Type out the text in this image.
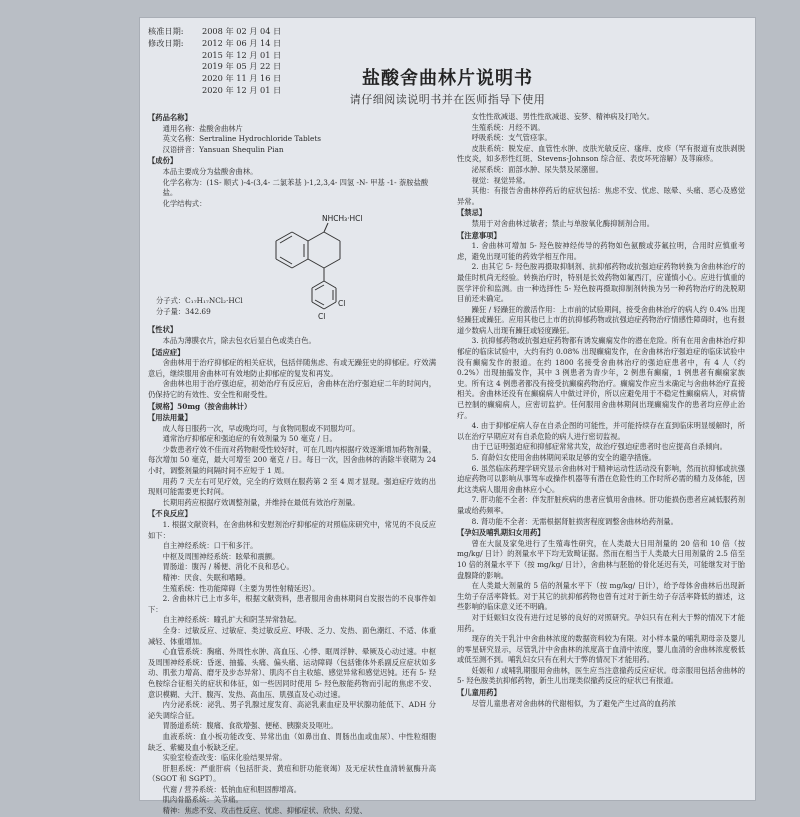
核准日期: 2008 年 02 月 04 日
修改日期: 2012 年 06 月 14 日
2015 年 12 月 01 日
2019 年 05 月 22 日
2020 年 11 月 16 日
2020 年 12 月 01 日
盐酸舍曲林片说明书
请仔细阅读说明书并在医师指导下使用
【药品名称】
通用名称：盐酸舍曲林片
英文名称：Sertraline Hydrochloride Tablets
汉语拼音：Yansuan Shequlin Pian
【成份】
本品主要成分为盐酸舍曲林。
化学名称为：(1S- 顺式 )-4-(3,4- 二氯苯基 )-1,2,3,4- 四氢 -N- 甲基 -1- 萘胺盐酸盐。
化学结构式：
NHCH₃·HCl
Cl
Cl
分子式：C₁₇H₁₇NCl₂·HCl
分子量：342.69
【性状】
本品为薄膜衣片，除去包衣后显白色或类白色。
【适应症】
舍曲林用于治疗抑郁症的相关症状，包括伴随焦虑、有或无躁狂史的抑郁症。疗效满意后，继续服用舍曲林可有效地防止抑郁症的复发和再发。
舍曲林也用于治疗强迫症，初始治疗有反应后，舍曲林在治疗强迫症二年的时间内，仍保持它的有效性、安全性和耐受性。
【规格】50mg（按舍曲林计）
【用法用量】
成人每日服药一次，早或晚均可，与食物同服或不同服均可。
通常治疗抑郁症和强迫症的有效剂量为 50 毫克 / 日。
少数患者疗效不佳而对药物耐受性较好时，可在几周内根据疗效逐渐增加药物剂量，每次增加 50 毫克，最大可增至 200 毫克 / 日。每日一次，因舍曲林的消除半衰期为 24 小时，调整剂量的间隔时间不应短于 1 周。
用药 7 天左右可见疗效，完全的疗效则在服药第 2 至 4 周才显现。强迫症疗效的出现则可能需要更长时间。
长期用药应根据疗效调整剂量，并维持在最低有效治疗剂量。
【不良反应】
1. 根据文献资料，在舍曲林和安慰剂治疗抑郁症的对照临床研究中，常见的不良反应如下：
自主神经系统：口干和多汗。
中枢及周围神经系统：眩晕和震颤。
胃肠道：腹泻 / 稀便、消化不良和恶心。
精神：厌食、失眠和嗜睡。
生殖系统：性功能障碍（主要为男性射精延迟）。
2. 舍曲林片已上市多年，根据文献资料，患者服用舍曲林期间自发报告的不良事件如下：
自主神经系统：瞳孔扩大和阴茎异常勃起。
全身：过敏反应、过敏症、类过敏反应、呼吸、乏力、发热、面色潮红、不适、体重减轻、体重增加。
心血管系统：胸痛、外周性水肿、高血压、心悸、眶周浮肿、晕厥及心动过速。中枢及周围神经系统：昏迷、抽搐、头痛、偏头痛、运动障碍（包括锥体外系副反应症状如多动、肌张力增高、磨牙及步态异常）、肌肉不自主收缩、感觉异常和感觉迟钝。还有 5- 羟色胺综合征相关的症状和体征，如一些因同时使用 5- 羟色胺能药物而引起的焦虑不安、意识模糊、大汗、腹泻、发热、高血压、肌强直及心动过速。
内分泌系统：泌乳、男子乳腺过度发育、高泌乳素血症及甲状腺功能低下、ADH 分泌失调综合征。
胃肠道系统：腹痛、食欲增强、便秘、胰腺炎及呕吐。
血液系统：血小板功能改变、异常出血（如鼻出血、胃肠出血或血尿）、中性粒细胞缺乏、紫癜及血小板缺乏症。
实验室检查改变：临床化验结果异常。
肝胆系统：严重肝病（包括肝炎、黄疸和肝功能衰竭）及无症状性血清转氨酶升高（SGOT 和 SGPT）。
代谢 / 营养系统：低钠血症和胆固醇增高。
肌肉骨骼系统：关节痛。
精神：焦虑不安、攻击性反应、忧虑、抑郁症状、欣快、幻觉、
女性性欲减退、男性性欲减退、妄梦、精神病及打哈欠。
生殖系统：月经不调。
呼吸系统：支气管痉挛。
皮肤系统：脱发症、血管性水肿、皮肤光敏反应、瘙痒、皮疹（罕有报道有皮肤剥脱性皮炎，如多形性红斑、Stevens-Johnson 综合征、表皮坏死溶解）及荨麻疹。
泌尿系统：面部水肿、尿失禁及尿潴留。
视觉：视觉异常。
其他：有报告舍曲林停药后的症状包括：焦虑不安、忧虑、眩晕、头痛、恶心及感觉异常。
【禁忌】
禁用于对舍曲林过敏者；禁止与单胺氧化酶抑制剂合用。
【注意事项】
1. 舍曲林可增加 5- 羟色胺神经传导的药物如色氨酸或芬氟拉明，合用时应慎重考虑，避免出现可能的药效学相互作用。
2. 由其它 5- 羟色胺再摄取抑制剂、抗抑郁药物或抗强迫症药物转换为舍曲林治疗的最佳时机尚无经验。转换治疗时，特别是长效药物如氟西汀，应谨慎小心。应进行慎重的医学评价和监测。由一种选择性 5- 羟色胺再摄取抑制剂转换为另一种药物治疗的洗脱期目前还未确定。
躁狂 / 轻躁狂的激活作用：上市前的试验期间，接受舍曲林治疗的病人约 0.4% 出现轻躁狂或躁狂。应用其他已上市的抗抑郁药物或抗强迫症药物治疗情感性障碍时，也有报道少数病人出现有躁狂或轻度躁狂。
3. 抗抑郁药物或抗强迫症药物都有诱发癫痫发作的潜在危险。所有在用舍曲林治疗抑郁症的临床试验中，大约有约 0.08% 出现癫痫发作，在舍曲林治疗强迫症的临床试验中没有癫痫发作的报道。在约 1800 名接受舍曲林治疗的强迫症患者中，有 4 人（约 0.2%）出现抽搐发作，其中 3 例患者为青少年，2 例患有癫痫，1 例患者有癫痫家族史。所有这 4 例患者都没有接受抗癫痫药物治疗。癫痫发作应当未确定与舍曲林治疗直接相关。舍曲林还没有在癫痫病人中做过评价，所以应避免用于不稳定性癫痫病人，对病情已控制的癫痫病人，应密切监护。任何服用舍曲林期间出现癫痫发作的患者均应停止治疗。
4. 由于抑郁症病人存在自杀企图的可能性，并可能持续存在直到临床明显缓解时，所以在治疗早期应对有自杀危险的病人进行密切监视。
由于已证明强迫症和抑郁症常常共发，故治疗强迫症患者时也应提高自杀倾向。
5. 育龄妇女使用舍曲林期间采取足够的安全的避孕措施。
6. 虽然临床药理学研究显示舍曲林对于精神运动性活动没有影响，然而抗抑郁或抗强迫症药物可以影响从事驾车或操作机器等有潜在危险性的工作时所必需的精力及体能，因此这类病人服用舍曲林应小心。
7. 肝功能不全者：伴发肝脏疾病的患者应慎用舍曲林。肝功能损伤患者应减低服药剂量或给药频率。
8. 肾功能不全者：无需根据肾脏损害程度调整舍曲林给药剂量。
【孕妇及哺乳期妇女用药】
曾在大鼠及家兔进行了生殖毒性研究，在人类最大日用剂量的 20 倍和 10 倍（按 mg/kg/ 日计）的剂量水平下均无致畸证据。然而在相当于人类最大日用剂量的 2.5 倍至 10 倍的剂量水平下（按 mg/kg/ 日计），舍曲林与胚胎的骨化延迟有关，可能继发对于胎盘腺降的影响。
在人类最大剂量的 5 倍的剂量水平下（按 mg/kg/ 日计），给予母体舍曲林后出现新生幼子存活率降低。对于其它的抗抑郁药物也曾有过对于新生幼子存活率降低的描述，这些影响的临床意义还不明确。
对于妊娠妇女没有进行过足够的良好的对照研究。孕妇只有在利大于弊的情况下才能用药。
现存的关于乳汁中舍曲林浓度的数据资料较为有限。对小样本量的哺乳期母亲及婴儿的零星研究显示，尽管乳汁中舍曲林的浓度高于血清中浓度，婴儿血清的舍曲林浓度极低或低至测不到。哺乳妇女只有在利大于弊的情况下才能用药。
妊娠和 / 或哺乳期服用舍曲林，医生应当注意撤药反应症状。母亲服用包括舍曲林的 5- 羟色胺类抗抑郁药物，新生儿出现类似撤药反应的症状已有报道。
【儿童用药】
尽管儿童患者对舍曲林的代谢相似，为了避免产生过高的血药浓
